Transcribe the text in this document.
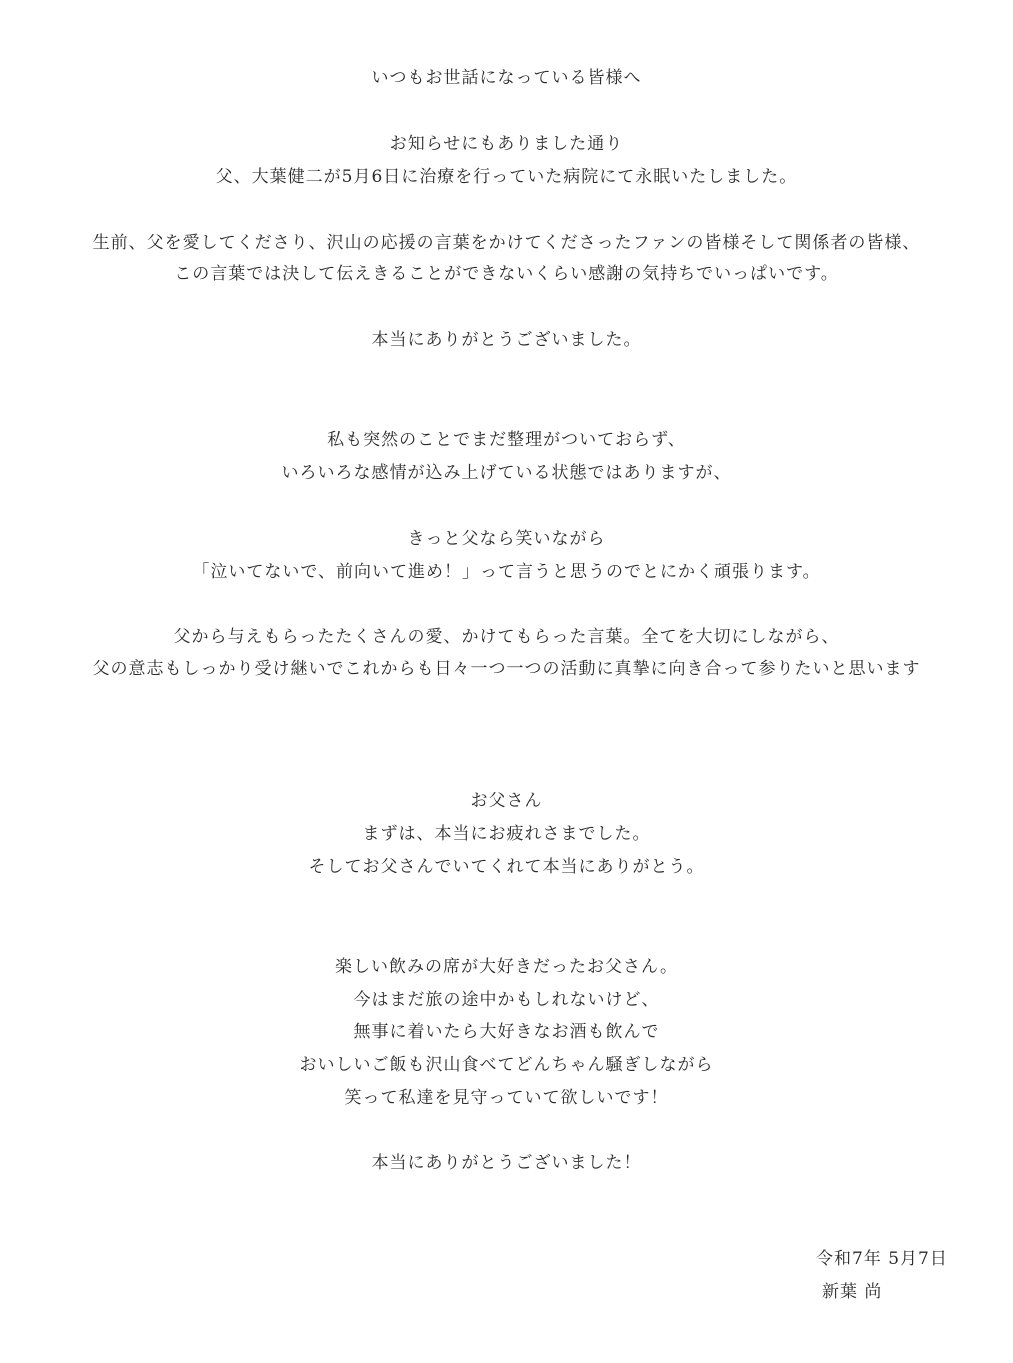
いつもお世話になっている皆様へ
お知らせにもありました通り
父、大葉健二が5月6日に治療を行っていた病院にて永眠いたしました。
生前、父を愛してくださり、沢山の応援の言葉をかけてくださったファンの皆様そして関係者の皆様、
この言葉では決して伝えきることができないくらい感謝の気持ちでいっぱいです。
本当にありがとうございました。
私も突然のことでまだ整理がついておらず、
いろいろな感情が込み上げている状態ではありますが、
きっと父なら笑いながら
「泣いてないで、前向いて進め！」って言うと思うのでとにかく頑張ります。
父から与えもらったたくさんの愛、かけてもらった言葉。全てを大切にしながら、
父の意志もしっかり受け継いでこれからも日々一つ一つの活動に真摯に向き合って参りたいと思います
お父さん
まずは、本当にお疲れさまでした。
そしてお父さんでいてくれて本当にありがとう。
楽しい飲みの席が大好きだったお父さん。
今はまだ旅の途中かもしれないけど、
無事に着いたら大好きなお酒も飲んで
おいしいご飯も沢山食べてどんちゃん騒ぎしながら
笑って私達を見守っていて欲しいです！
本当にありがとうございました！
令和7年 5月7日
新葉 尚
